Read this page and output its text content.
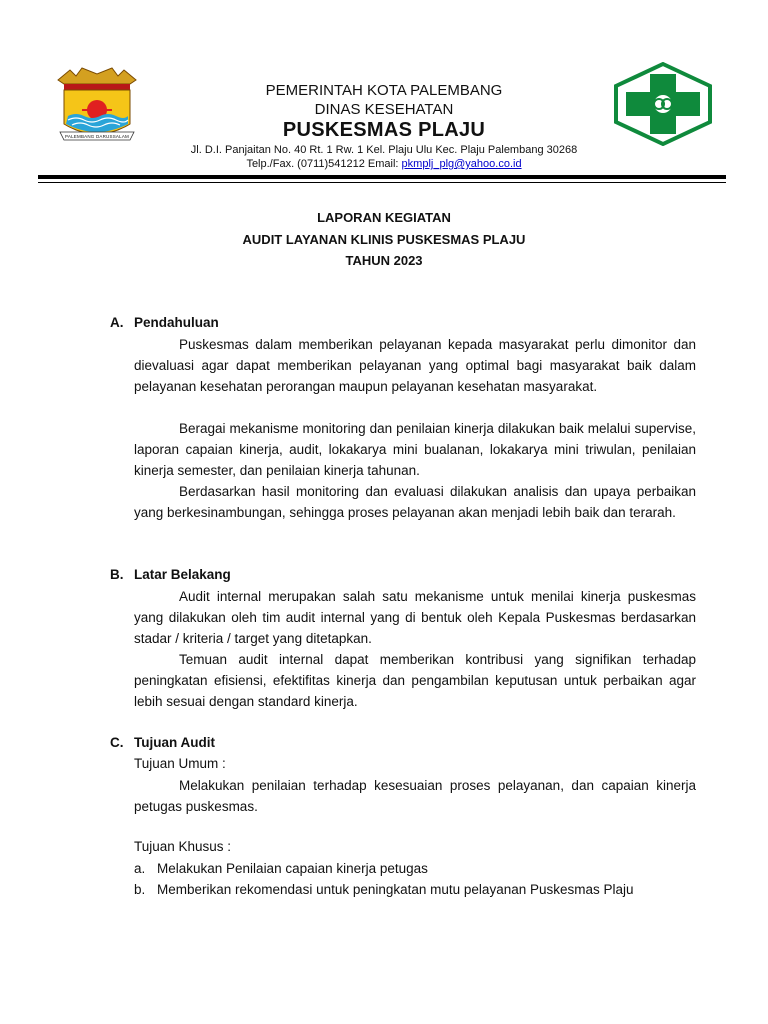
PALEMBANG DARUSSALAM
PEMERINTAH KOTA PALEMBANG
DINAS KESEHATAN
PUSKESMAS PLAJU
Jl. D.I. Panjaitan No. 40 Rt. 1 Rw. 1 Kel. Plaju Ulu Kec. Plaju Palembang 30268
Telp./Fax. (0711)541212 Email: pkmplj_plg@yahoo.co.id
LAPORAN KEGIATAN
AUDIT LAYANAN KLINIS PUSKESMAS PLAJU
TAHUN 2023
A. Pendahuluan

Puskesmas dalam memberikan pelayanan kepada masyarakat perlu dimonitor dan dievaluasi agar dapat memberikan pelayanan yang optimal bagi masyarakat baik dalam pelayanan kesehatan perorangan maupun pelayanan kesehatan masyarakat.

Beragai mekanisme monitoring dan penilaian kinerja dilakukan baik melalui supervise, laporan capaian kinerja, audit, lokakarya mini bualanan, lokakarya mini triwulan, penilaian kinerja semester, dan penilaian kinerja tahunan.

Berdasarkan hasil monitoring dan evaluasi dilakukan analisis dan upaya perbaikan yang berkesinambungan, sehingga proses pelayanan akan menjadi lebih baik dan terarah.

B. Latar Belakang

Audit internal merupakan salah satu mekanisme untuk menilai kinerja puskesmas yang dilakukan oleh tim audit internal yang di bentuk oleh Kepala Puskesmas berdasarkan stadar / kriteria / target yang ditetapkan.

Temuan audit internal dapat memberikan kontribusi yang signifikan terhadap peningkatan efisiensi, efektifitas kinerja dan pengambilan keputusan untuk perbaikan agar lebih sesuai dengan standard kinerja.

C. Tujuan Audit
Tujuan Umum :

Melakukan penilaian terhadap kesesuaian proses pelayanan, dan capaian kinerja petugas puskesmas.

Tujuan Khusus :
a. Melakukan Penilaian capaian kinerja petugas
b. Memberikan rekomendasi untuk peningkatan mutu pelayanan Puskesmas Plaju
